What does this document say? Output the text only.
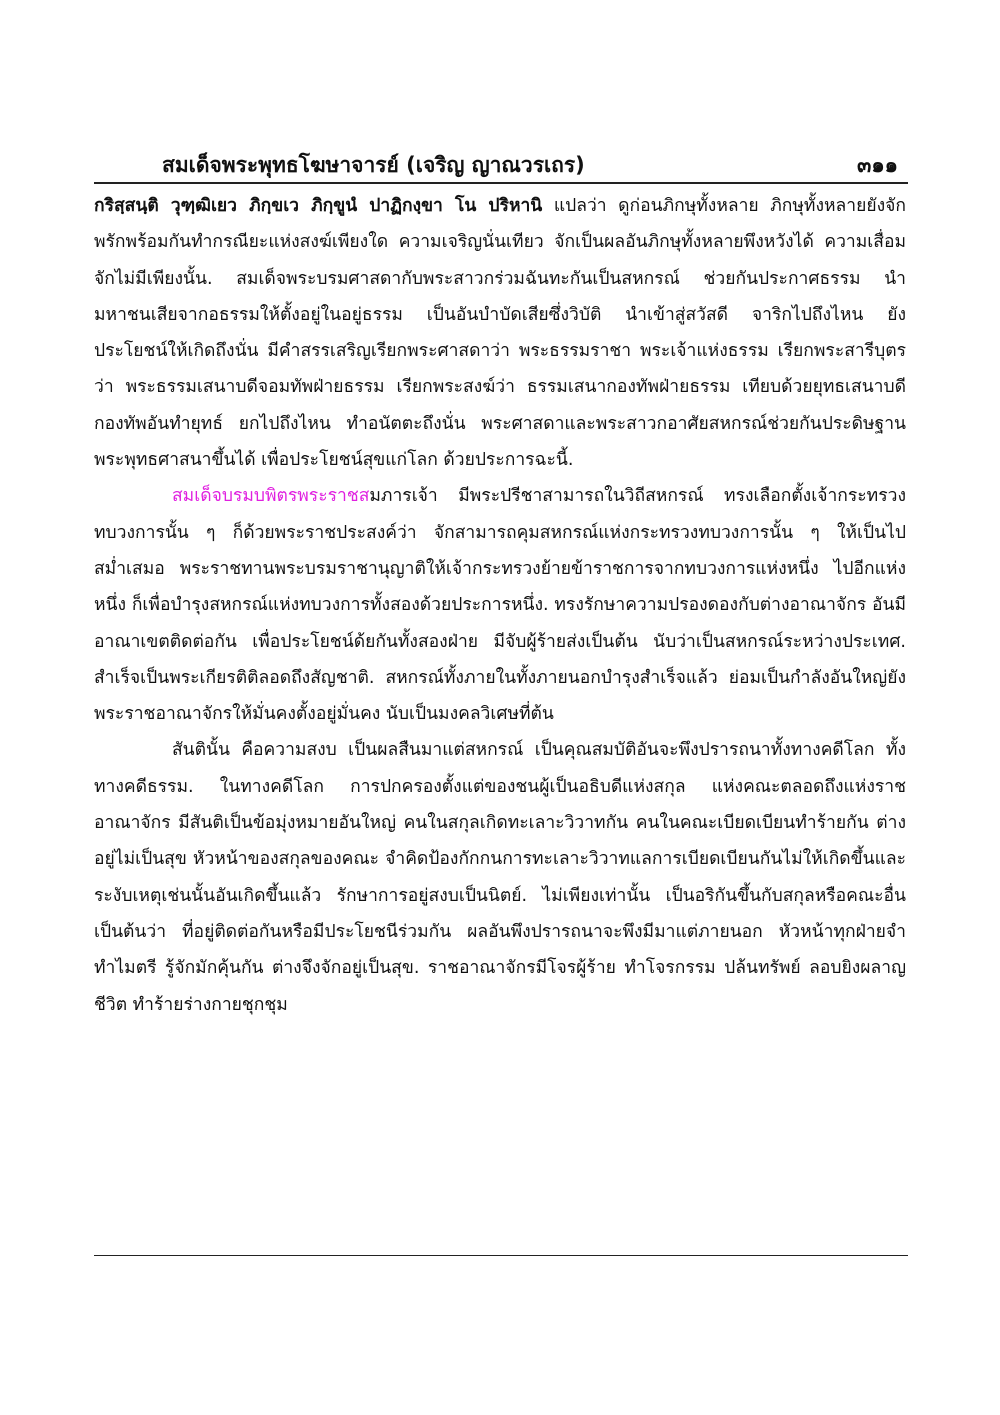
สมเด็จพระพุทธโฆษาจารย์ (เจริญ ญาณวรเถร)	๓๑๑

กริสฺสนฺติ วุฑฺฒิเยว ภิกฺขเว ภิกฺขูนํ ปาฏิกงฺขา โน ปริหานิ แปลว่า ดูก่อนภิกษุทั้งหลาย ภิกษุทั้งหลายยังจักพรักพร้อมกันทำกรณียะแห่งสงฆ์เพียงใด ความเจริญนั่นเทียว จักเป็นผลอันภิกษุทั้งหลายพึงหวังได้ ความเสื่อมจักไม่มีเพียงนั้น. สมเด็จพระบรมศาสดากับพระสาวกร่วมฉันทะกันเป็นสหกรณ์ ช่วยกันประกาศธรรม นำมหาชนเสียจากอธรรมให้ตั้งอยู่ในอยู่ธรรม เป็นอันบำบัดเสียซึ่งวิบัติ นำเข้าสู่สวัสดี จาริกไปถึงไหน ยังประโยชน์ให้เกิดถึงนั่น มีคำสรรเสริญเรียกพระศาสดาว่า พระธรรมราชา พระเจ้าแห่งธรรม เรียกพระสารีบุตรว่า พระธรรมเสนาบดีจอมทัพฝ่ายธรรม เรียกพระสงฆ์ว่า ธรรมเสนากองทัพฝ่ายธรรม เทียบด้วยยุทธเสนาบดีกองทัพอันทำยุทธ์ ยกไปถึงไหน ทำอนัตตะถึงนั่น พระศาสดาและพระสาวกอาศัยสหกรณ์ช่วยกันประดิษฐานพระพุทธศาสนาขึ้นได้ เพื่อประโยชน์สุขแก่โลก ด้วยประการฉะนี้.

สมเด็จบรมบพิตรพระราชสมภารเจ้า มีพระปรีชาสามารถในวิถีสหกรณ์ ทรงเลือกตั้งเจ้ากระทรวงทบวงการนั้น ๆ ก็ด้วยพระราชประสงค์ว่า จักสามารถคุมสหกรณ์แห่งกระทรวงทบวงการนั้น ๆ ให้เป็นไปสม่ำเสมอ พระราชทานพระบรมราชานุญาติให้เจ้ากระทรวงย้ายข้าราชการจากทบวงการแห่งหนึ่ง ไปอีกแห่งหนึ่ง ก็เพื่อบำรุงสหกรณ์แห่งทบวงการทั้งสองด้วยประการหนึ่ง. ทรงรักษาความปรองดองกับต่างอาณาจักร อันมีอาณาเขตติดต่อกัน เพื่อประโยชน์ด้ยกันทั้งสองฝ่าย มีจับผู้ร้ายส่งเป็นต้น นับว่าเป็นสหกรณ์ระหว่างประเทศ. สำเร็จเป็นพระเกียรติติลอดถึงสัญชาติ. สหกรณ์ทั้งภายในทั้งภายนอกบำรุงสำเร็จแล้ว ย่อมเป็นกำลังอันใหญ่ยังพระราชอาณาจักรให้มั่นคงตั้งอยู่มั่นคง นับเป็นมงคลวิเศษที่ต้น

สันตินั้น คือความสงบ เป็นผลสืนมาแต่สหกรณ์ เป็นคุณสมบัติอันจะพึงปรารถนาทั้งทางคดีโลก ทั้งทางคดีธรรม. ในทางคดีโลก การปกครองตั้งแต่ของชนผู้เป็นอธิบดีแห่งสกุล แห่งคณะตลอดถึงแห่งราชอาณาจักร มีสันติเป็นข้อมุ่งหมายอันใหญ่ คนในสกุลเกิดทะเลาะวิวาทกัน คนในคณะเบียดเบียนทำร้ายกัน ต่างอยู่ไม่เป็นสุข หัวหน้าของสกุลของคณะ จำคิดป้องกักกนการทะเลาะวิวาทแลการเบียดเบียนกันไม่ให้เกิดขึ้นและระงับเหตุเช่นนั้นอันเกิดขึ้นแล้ว รักษาการอยู่สงบเป็นนิตย์. ไม่เพียงเท่านั้น เป็นอริกันขึ้นกับสกุลหรือคณะอื่น เป็นต้นว่า ที่อยู่ติดต่อกันหรือมีประโยชนีร่วมกัน ผลอันพึงปรารถนาจะพึงมีมาแต่ภายนอก หัวหน้าทุกฝ่ายจำทำไมตรี รู้จักมักคุ้นกัน ต่างจึงจักอยู่เป็นสุข. ราชอาณาจักรมีโจรผู้ร้าย ทำโจรกรรม ปล้นทรัพย์ ลอบยิงผลาญชีวิต ทำร้ายร่างกายชุกชุม
